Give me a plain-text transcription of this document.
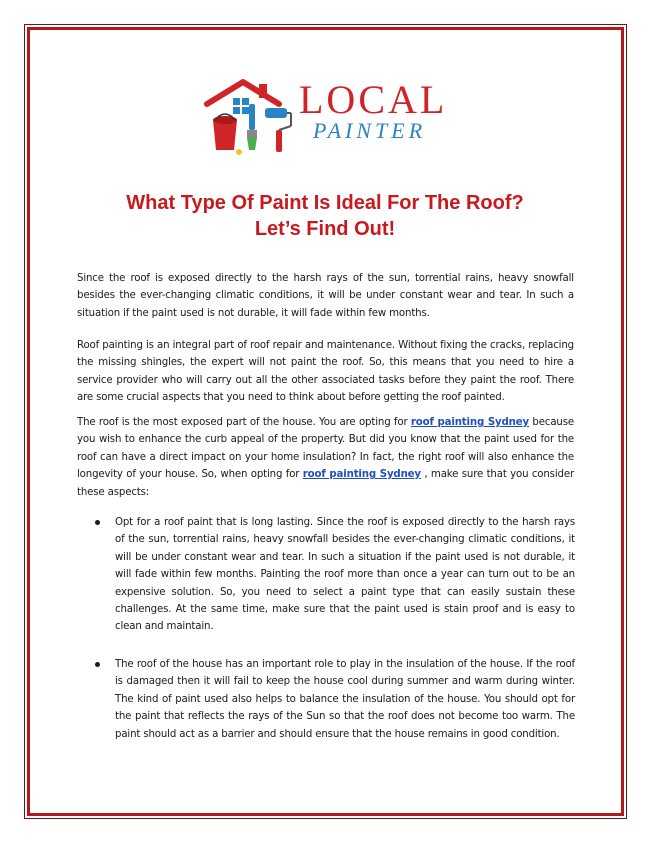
LOCAL
PAINTER
What Type Of Paint Is Ideal For The Roof?
Let’s Find Out!

Since the roof is exposed directly to the harsh rays of the sun, torrential rains, heavy snowfall besides the ever-changing climatic conditions, it will be under constant wear and tear. In such a situation if the paint used is not durable, it will fade within few months.

Roof painting is an integral part of roof repair and maintenance. Without fixing the cracks, replacing the missing shingles, the expert will not paint the roof. So, this means that you need to hire a service provider who will carry out all the other associated tasks before they paint the roof. There are some crucial aspects that you need to think about before getting the roof painted.

The roof is the most exposed part of the house. You are opting for roof painting Sydney because you wish to enhance the curb appeal of the property. But did you know that the paint used for the roof can have a direct impact on your home insulation? In fact, the right roof will also enhance the longevity of your house. So, when opting for roof painting Sydney , make sure that you consider these aspects:

Opt for a roof paint that is long lasting. Since the roof is exposed directly to the harsh rays of the sun, torrential rains, heavy snowfall besides the ever-changing climatic conditions, it will be under constant wear and tear. In such a situation if the paint used is not durable, it will fade within few months. Painting the roof more than once a year can turn out to be an expensive solution. So, you need to select a paint type that can easily sustain these challenges. At the same time, make sure that the paint used is stain proof and is easy to clean and maintain.
The roof of the house has an important role to play in the insulation of the house. If the roof is damaged then it will fail to keep the house cool during summer and warm during winter. The kind of paint used also helps to balance the insulation of the house. You should opt for the paint that reflects the rays of the Sun so that the roof does not become too warm. The paint should act as a barrier and should ensure that the house remains in good condition.
